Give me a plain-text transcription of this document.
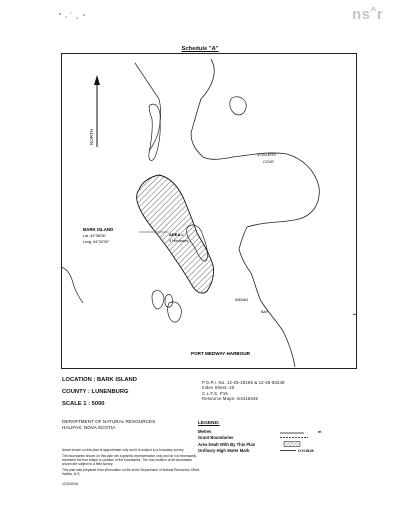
ns^r
Schedule "A"
NORTH
VOGLERS
COVE
BARK ISLAND
Lat. 44°08'06"
Long. 64°32'09"
AREA =
4 Hectares
INDIAN
BAY
PORT MEDWAY HARBOUR
LOCATION : BARK ISLAND
COUNTY : LUNENBURG
SCALE 1 : 5000
P.G.P.I. No. 12-25-40195 & 12-25-50248
Index Sheet: 40
C.L.F.S. P16
Resource Maps: m4415645
DEPARTMENT OF NATURAL RESOURCES
HALIFAX, NOVA SCOTIA
LEGEND:
Metres	m
Grant Boundaries
Area Dealt With By This Plan
Ordinary High Water Mark	O.H.W.M.
Areas shown on this plan is approximate only and it is subject to a boundary survey.
The boundaries shown on this plan are a graphic representation only and do not necessarily represent the true shape or position of the boundaries. The true location of all boundaries shown are subject to a field survey.
This plan was prepared from information on file at the Department of Natural Resources Office, Halifax, N.S.
12204016
